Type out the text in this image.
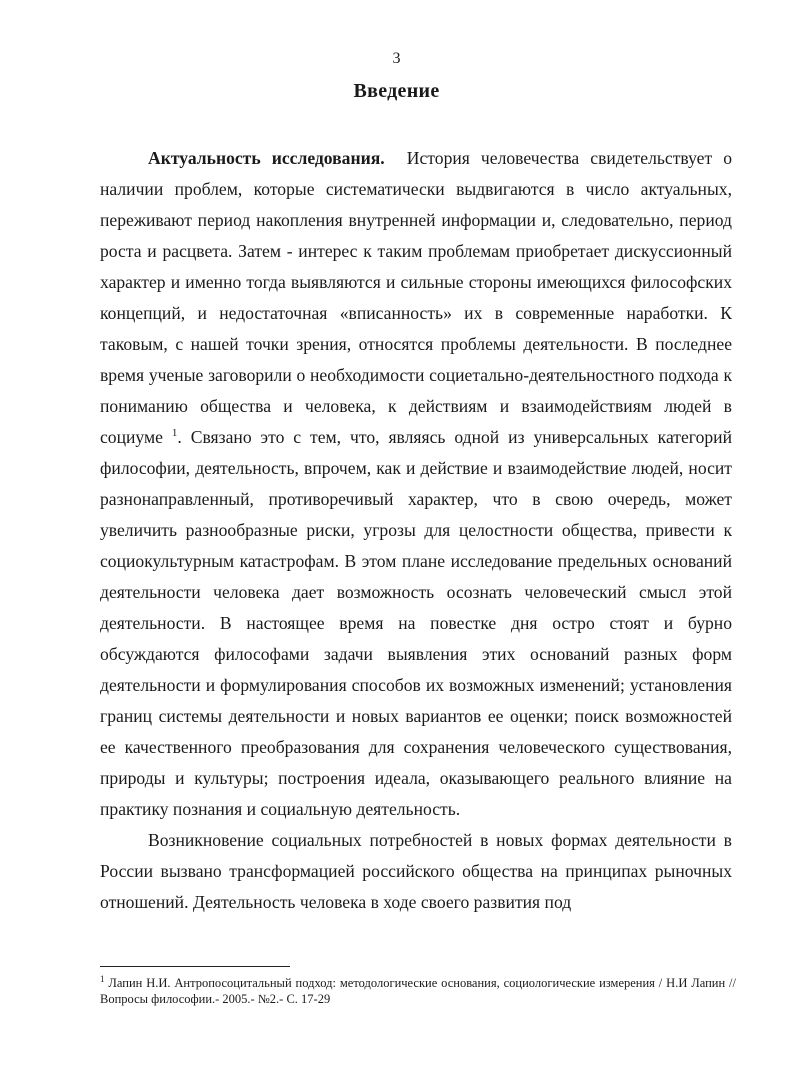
3
Введение

Актуальность исследования. История человечества свидетельствует о наличии проблем, которые систематически выдвигаются в число актуальных, переживают период накопления внутренней информации и, следовательно, период роста и расцвета. Затем - интерес к таким проблемам приобретает дискуссионный характер и именно тогда выявляются и сильные стороны имеющихся философских концепций, и недостаточная «вписанность» их в современные наработки. К таковым, с нашей точки зрения, относятся проблемы деятельности. В последнее время ученые заговорили о необходимости социетально-деятельностного подхода к пониманию общества и человека, к действиям и взаимодействиям людей в социуме $^1$. Связано это с тем, что, являясь одной из универсальных категорий философии, деятельность, впрочем, как и действие и взаимодействие людей, носит разнонаправленный, противоречивый характер, что в свою очередь, может увеличить разнообразные риски, угрозы для целостности общества, привести к социокультурным катастрофам. В этом плане исследование предельных оснований деятельности человека дает возможность осознать человеческий смысл этой деятельности. В настоящее время на повестке дня остро стоят и бурно обсуждаются философами задачи выявления этих оснований разных форм деятельности и формулирования способов их возможных изменений; установления границ системы деятельности и новых вариантов ее оценки; поиск возможностей ее качественного преобразования для сохранения человеческого существования, природы и культуры; построения идеала, оказывающего реального влияние на практику познания и социальную деятельность.

Возникновение социальных потребностей в новых формах деятельности в России вызвано трансформацией российского общества на принципах рыночных отношений. Деятельность человека в ходе своего развития под

$^1$ Лапин Н.И. Антропосоцитальный подход: методологические основания, социологические измерения / Н.И Лапин // Вопросы философии.- 2005.- №2.- С. 17-29
